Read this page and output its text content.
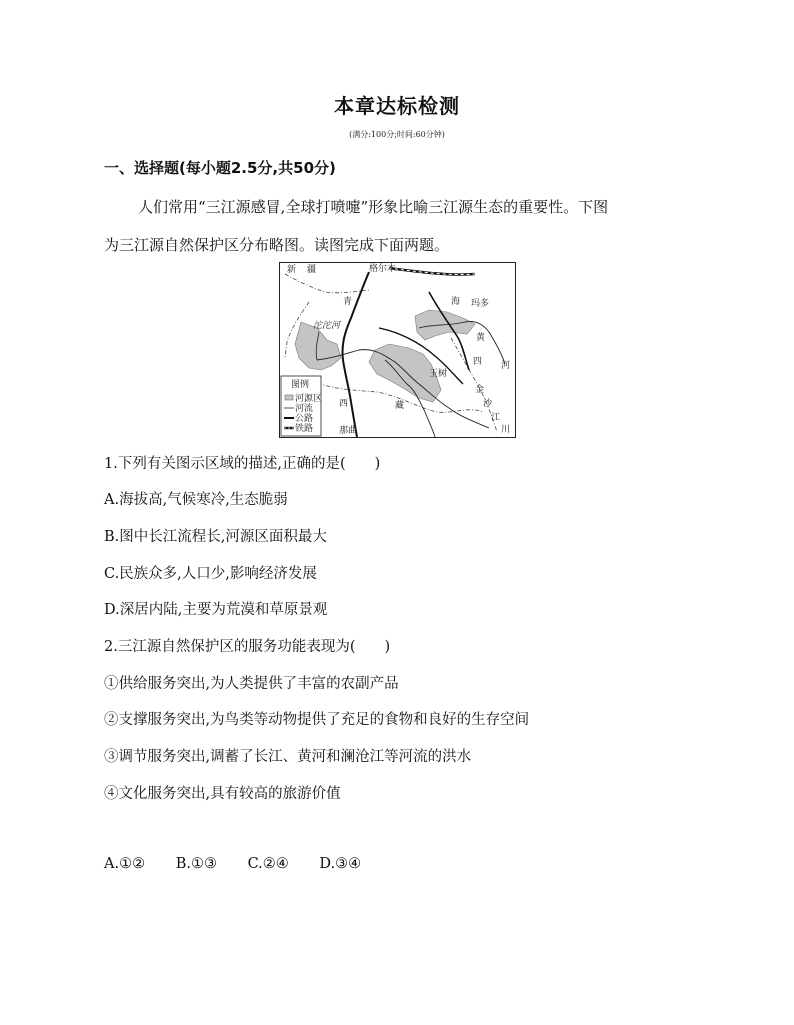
本章达标检测
(满分:100分;时间:60分钟)
一、选择题(每小题2.5分,共50分)
人们常用“三江源感冒,全球打喷嚏”形象比喻三江源生态的重要性。下图
为三江源自然保护区分布略图。读图完成下面两题。
新 疆	格尔木
青	海 玛多
沱沱河
黄
四 河
玉树
金
沙
江
川
西	藏
那曲
图例
河源区
河流
公路
铁路
1.下列有关图示区域的描述,正确的是(　　)
A.海拔高,气候寒冷,生态脆弱
B.图中长江流程长,河源区面积最大
C.民族众多,人口少,影响经济发展
D.深居内陆,主要为荒漠和草原景观
2.三江源自然保护区的服务功能表现为(　　)
①供给服务突出,为人类提供了丰富的农副产品
②支撑服务突出,为鸟类等动物提供了充足的食物和良好的生存空间
③调节服务突出,调蓄了长江、黄河和澜沧江等河流的洪水
④文化服务突出,具有较高的旅游价值
A.①② B.①③ C.②④ D.③④
